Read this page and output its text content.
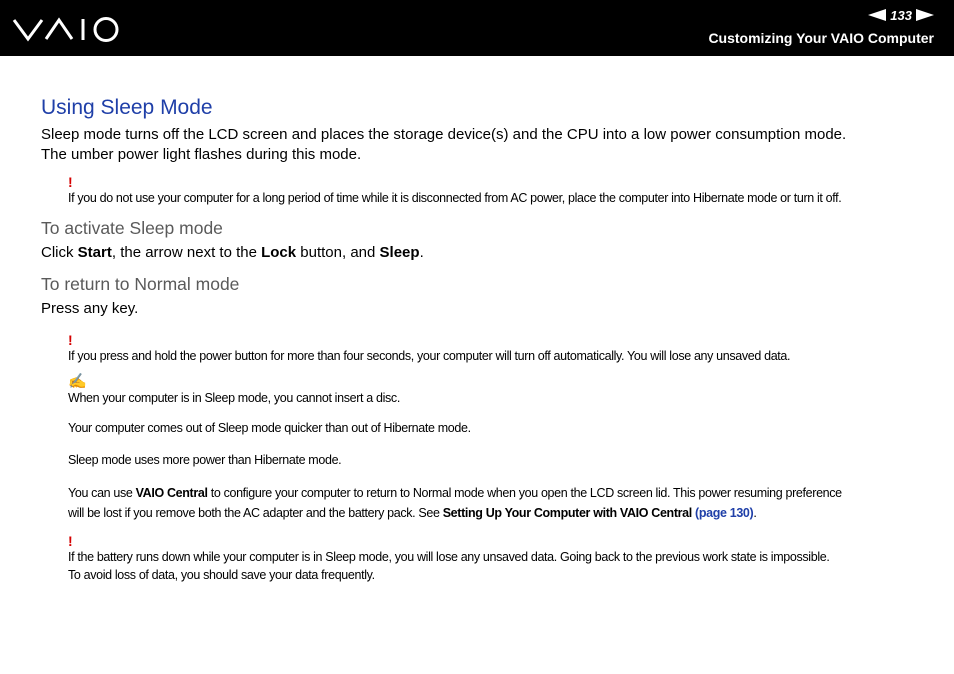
133
Customizing Your VAIO Computer
Using Sleep Mode

Sleep mode turns off the LCD screen and places the storage device(s) and the CPU into a low power consumption mode.

The umber power light flashes during this mode.

!
If you do not use your computer for a long period of time while it is disconnected from AC power, place the computer into Hibernate mode or turn it off.
To activate Sleep mode
Click Start, the arrow next to the Lock button, and Sleep.
To return to Normal mode
Press any key.
!
If you press and hold the power button for more than four seconds, your computer will turn off automatically. You will lose any unsaved data.
✍
When your computer is in Sleep mode, you cannot insert a disc.
Your computer comes out of Sleep mode quicker than out of Hibernate mode.
Sleep mode uses more power than Hibernate mode.
You can use VAIO Central to configure your computer to return to Normal mode when you open the LCD screen lid. This power resuming preference
will be lost if you remove both the AC adapter and the battery pack. See Setting Up Your Computer with VAIO Central (page 130).
!
If the battery runs down while your computer is in Sleep mode, you will lose any unsaved data. Going back to the previous work state is impossible.
To avoid loss of data, you should save your data frequently.
